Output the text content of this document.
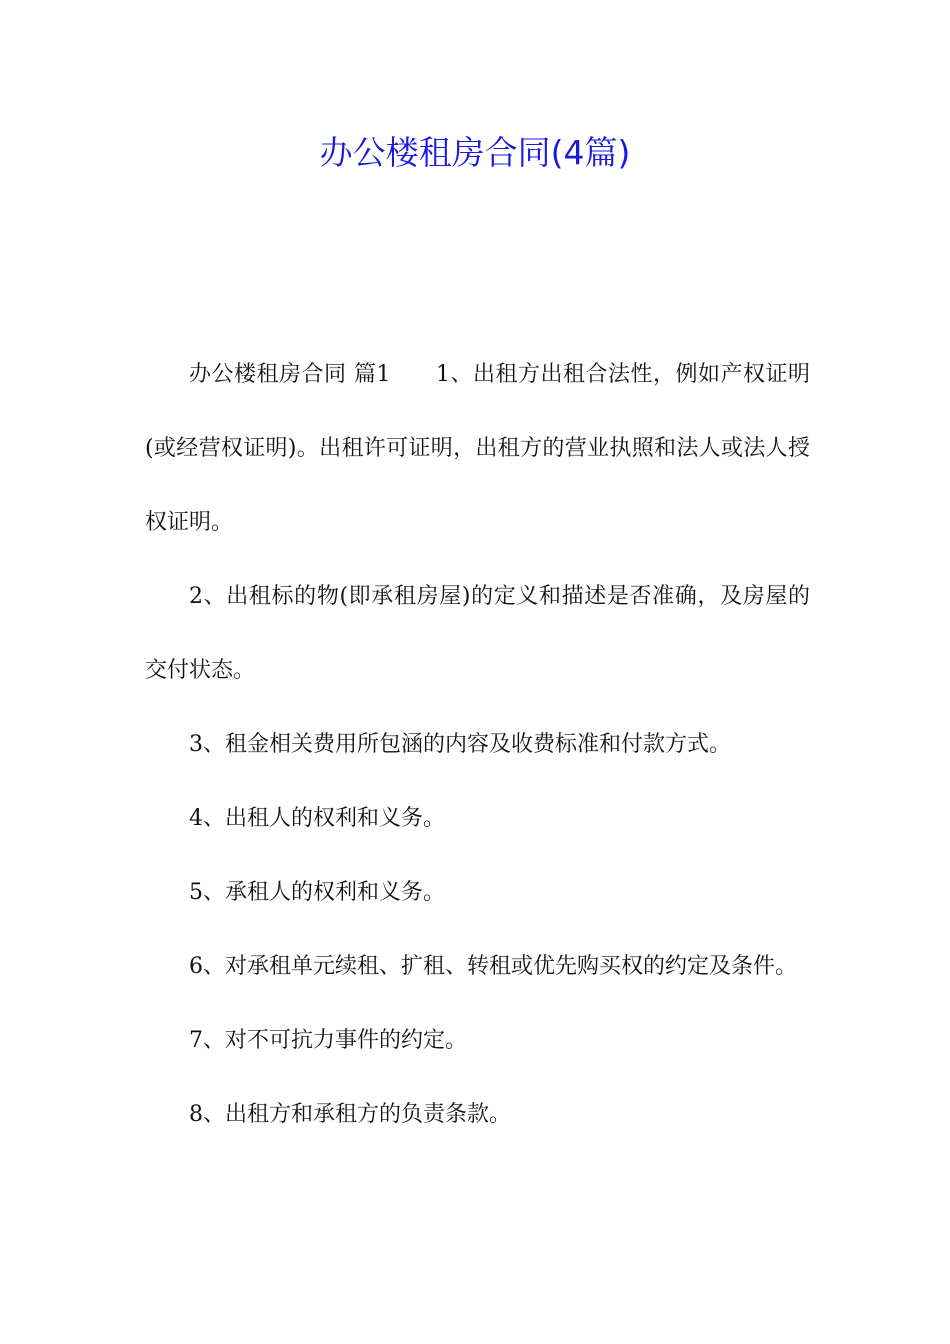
办公楼租房合同(4篇)

办公楼租房合同 篇1　　1、出租方出租合法性，例如产权证明(或经营权证明)。出租许可证明，出租方的营业执照和法人或法人授权证明。

2、出租标的物(即承租房屋)的定义和描述是否准确，及房屋的交付状态。

3、租金相关费用所包涵的内容及收费标准和付款方式。

4、出租人的权利和义务。

5、承租人的权利和义务。

6、对承租单元续租、扩租、转租或优先购买权的约定及条件。

7、对不可抗力事件的约定。

8、出租方和承租方的负责条款。
